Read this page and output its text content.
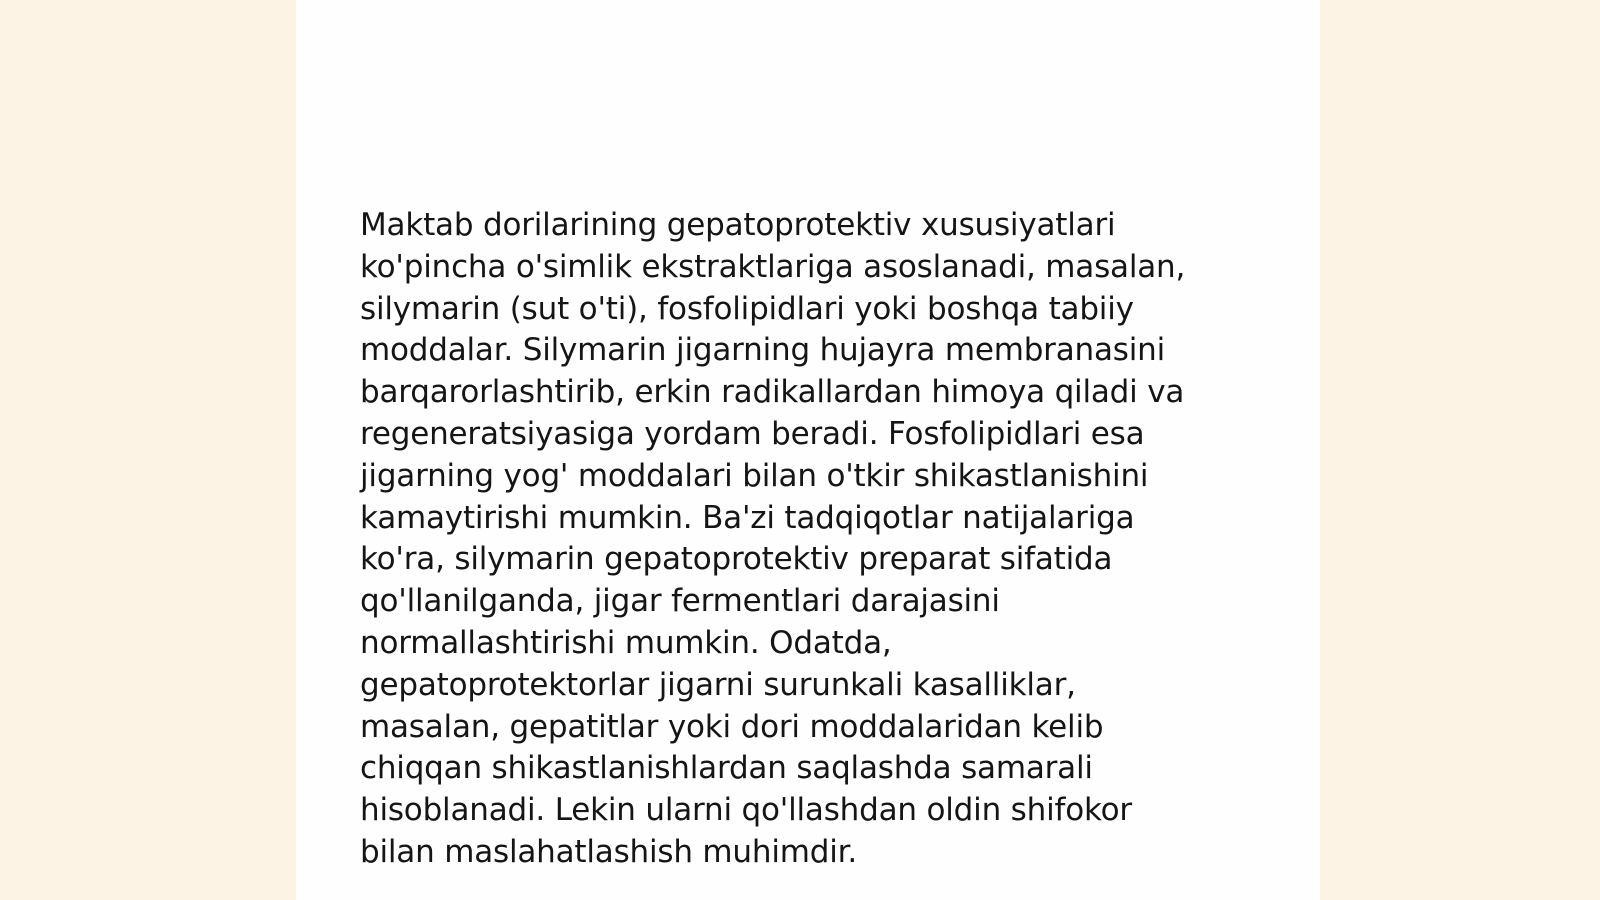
Maktab dorilarining gepatoprotektiv xususiyatlari
ko'pincha o'simlik ekstraktlariga asoslanadi, masalan,
silymarin (sut o'ti), fosfolipidlari yoki boshqa tabiiy
moddalar. Silymarin jigarning hujayra membranasini
barqarorlashtirib, erkin radikallardan himoya qiladi va
regeneratsiyasiga yordam beradi. Fosfolipidlari esa
jigarning yog' moddalari bilan o'tkir shikastlanishini
kamaytirishi mumkin. Ba'zi tadqiqotlar natijalariga
ko'ra, silymarin gepatoprotektiv preparat sifatida
qo'llanilganda, jigar fermentlari darajasini
normallashtirishi mumkin. Odatda,
gepatoprotektorlar jigarni surunkali kasalliklar,
masalan, gepatitlar yoki dori moddalaridan kelib
chiqqan shikastlanishlardan saqlashda samarali
hisoblanadi. Lekin ularni qo'llashdan oldin shifokor
bilan maslahatlashish muhimdir.
